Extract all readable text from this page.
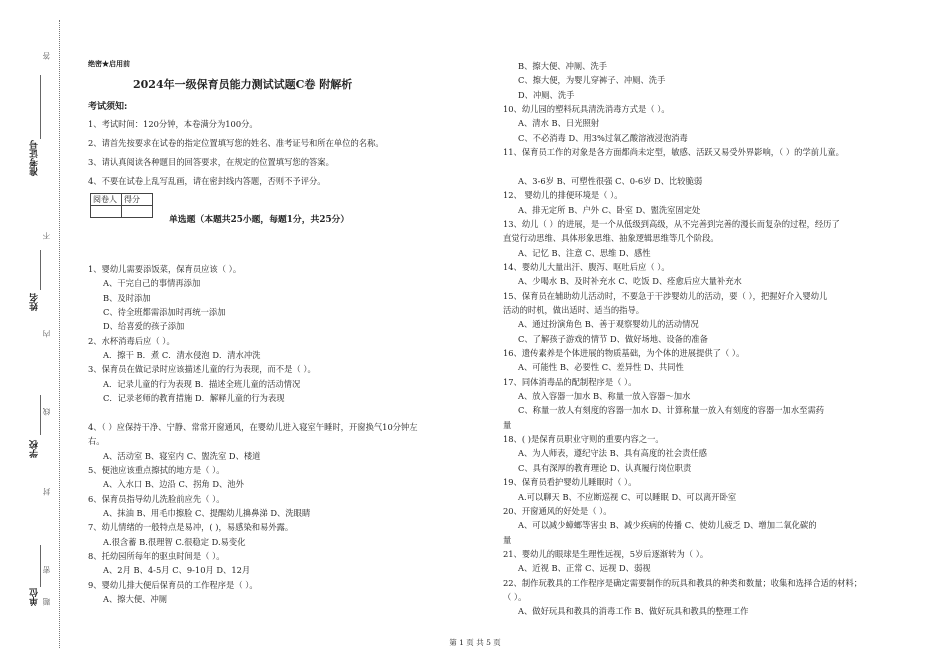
答
准考证号
不
姓名
内
线
学校
封
密
单位 题
绝密★启用前
2024年一级保育员能力测试试题C卷 附解析
考试须知:
1、考试时间：120分钟，本卷满分为100分。
2、请首先按要求在试卷的指定位置填写您的姓名、准考证号和所在单位的名称。
3、请认真阅读各种题目的回答要求，在规定的位置填写您的答案。
4、不要在试卷上乱写乱画，请在密封线内答题，否则不予评分。
阅卷人	得分

单选题（本题共25小题，每题1分，共25分）
1、婴幼儿需要添饭菜，保育员应该（ ）。
A、干完自己的事情再添加
B、及时添加
C、待全班都需添加时再统一添加
D、给喜爱的孩子添加
2、水杯消毒后应（ ）。
A．擦干 B．煮 C．清水侵泡 D．清水冲洗
3、保育员在做记录时应该描述儿童的行为表现，而不是（ ）。
A．记录儿童的行为表现 B．描述全班儿童的活动情况
C．记录老师的教育措施 D．解释儿童的行为表现
4、（ ）应保持干净、宁静、常常开窗通风，在婴幼儿进入寝室午睡时，开窗换气10分钟左
右。
A、活动室 B、寝室内 C、盥洗室 D、楼道
5、便池应该重点擦拭的地方是（ ）。
A、入水口 B、边沿 C、拐角 D、池外
6、保育员指导幼儿洗脸前应先（ ）。
A、抹油 B、用毛巾擦脸 C、提醒幼儿擤鼻涕 D、洗眼睛
7、幼儿情绪的一般特点是易冲，( )，易感染和易外露。
A.很含蓄 B.很理智 C.很稳定 D.易变化
8、托幼园所每年的驱虫时间是（ ）。
A、2月 B、4-5月 C、9-10月 D、12月
9、婴幼儿排大便后保育员的工作程序是（ ）。
A、擦大便、冲厕
B、擦大便、冲厕、洗手
C、擦大便，为婴儿穿裤子、冲厕、洗手
D、冲厕、洗手
10、幼儿园的塑料玩具清洗消毒方式是（ ）。
A、清水 B、日光照射
C、不必消毒 D、用3%过氧乙酸溶液浸泡消毒
11、保育员工作的对象是各方面都尚未定型，敏感、活跃又易受外界影响，（ ）的学前儿童。
A、3-6岁 B、可塑性很强 C、0-6岁 D、比较脆弱
12、 婴幼儿的排便环境是（ ）。
A、排无定所 B、户外 C、卧室 D、盥洗室固定处
13、幼儿（ ）的进展，是一个从低级到高级，从不完善到完善的漫长而复杂的过程，经历了
直觉行动思维、具体形象思维、抽象逻辑思维等几个阶段。
A、记忆 B、注意 C、思维 D、感性
14、婴幼儿大量出汗、腹泻、呕吐后应（ ）。
A、少喝水 B、及时补充水 C、吃饭 D、痊愈后应大量补充水
15、保育员在辅助幼儿活动时，不要急于干涉婴幼儿的活动，要（ ），把握好介入婴幼儿
活动的时机，做出适时、适当的指导。
A、通过扮演角色 B、善于观察婴幼儿的活动情况
C、了解孩子游戏的情节 D、做好场地、设备的准备
16、遗传素养是个体进展的物质基础，为个体的进展提供了（ ）。
A、可能性 B、必要性 C、差异性 D、共同性
17、同体消毒品的配制程序是（ ）。
A、放入容器一加水 B、称量一放入容器～加水
C、称量一放人有刻度的容器一加水 D、计算称量一放入有刻度的容器一加水至需药
量
18、( )是保育员职业守则的重要内容之一。
A、为人师表，遵纪守法 B、具有高度的社会责任感
C、具有深厚的教育理论 D、认真履行岗位职责
19、保育员看护婴幼儿睡眠时（ ）。
A.可以聊天 B、不应断巡视 C、可以睡眠 D、可以离开卧室
20、开窗通风的好处是（ ）。
A、可以减少蟑螂等害虫 B、减少疾病的传播 C、使幼儿疲乏 D、增加二氧化碳的
量
21、婴幼儿的眼球是生理性远视，5岁后逐渐转为（ ）。
A、近视 B、正常 C、远视 D、弱视
22、制作玩教具的工作程序是确定需要制作的玩具和教具的种类和数量；收集和选择合适的材料；
（ ）。
A、做好玩具和教具的消毒工作 B、做好玩具和教具的整理工作
第 1 页 共 5 页
